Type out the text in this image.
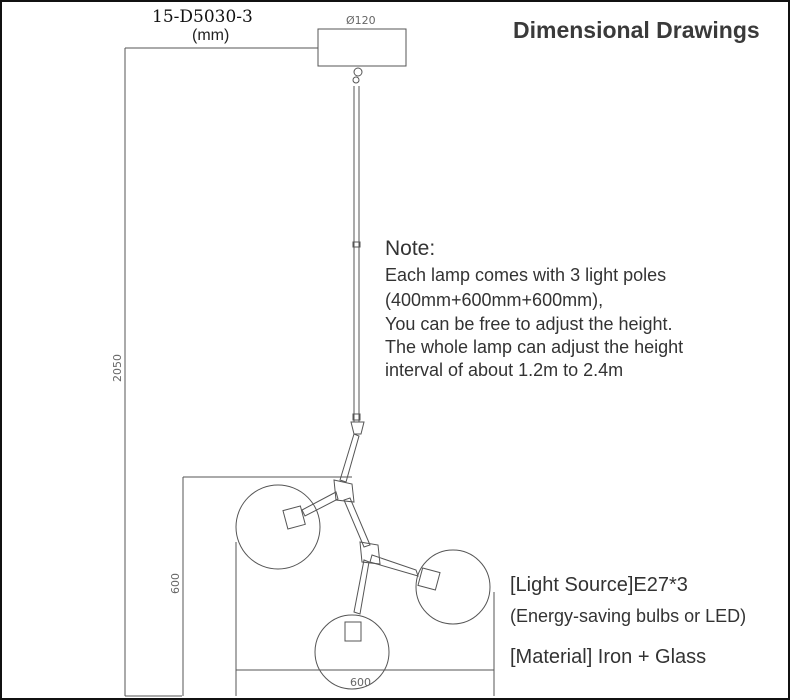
Ø120
2050
600
600
15-D5030-3
(mm)	Dimensional Drawings
Note:
Each lamp comes with 3 light poles
(400mm+600mm+600mm),
You can be free to adjust the height.
The whole lamp can adjust the height
interval of about 1.2m to 2.4m
[Light Source]E27*3
(Energy-saving bulbs or LED)
[Material] Iron + Glass
